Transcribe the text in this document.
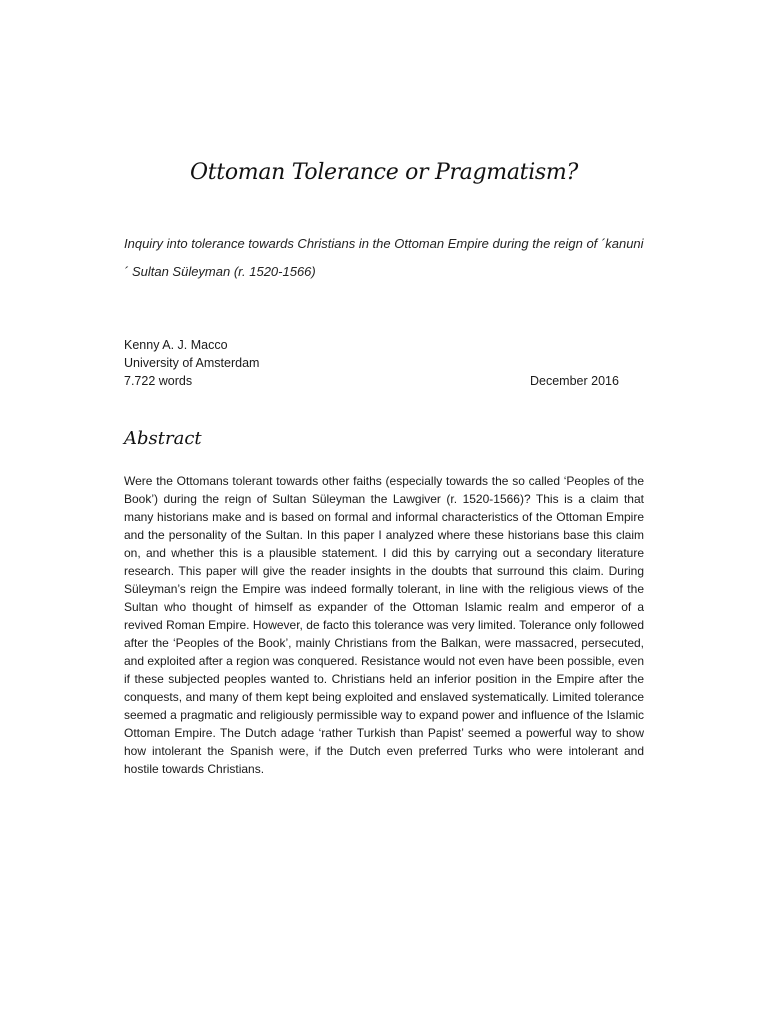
Ottoman Tolerance or Pragmatism?
Inquiry into tolerance towards Christians in the Ottoman Empire during the reign of ´kanuni´ Sultan Süleyman (r. 1520-1566)
Kenny A. J. Macco
University of Amsterdam
7.722 words	December 2016
Abstract
Were the Ottomans tolerant towards other faiths (especially towards the so called ‘Peoples of the Book’) during the reign of Sultan Süleyman the Lawgiver (r. 1520-1566)? This is a claim that many historians make and is based on formal and informal characteristics of the Ottoman Empire and the personality of the Sultan. In this paper I analyzed where these historians base this claim on, and whether this is a plausible statement. I did this by carrying out a secondary literature research. This paper will give the reader insights in the doubts that surround this claim. During Süleyman’s reign the Empire was indeed formally tolerant, in line with the religious views of the Sultan who thought of himself as expander of the Ottoman Islamic realm and emperor of a revived Roman Empire. However, de facto this tolerance was very limited. Tolerance only followed after the ‘Peoples of the Book’, mainly Christians from the Balkan, were massacred, persecuted, and exploited after a region was conquered. Resistance would not even have been possible, even if these subjected peoples wanted to. Christians held an inferior position in the Empire after the conquests, and many of them kept being exploited and enslaved systematically. Limited tolerance seemed a pragmatic and religiously permissible way to expand power and influence of the Islamic Ottoman Empire. The Dutch adage ‘rather Turkish than Papist’ seemed a powerful way to show how intolerant the Spanish were, if the Dutch even preferred Turks who were intolerant and hostile towards Christians.
